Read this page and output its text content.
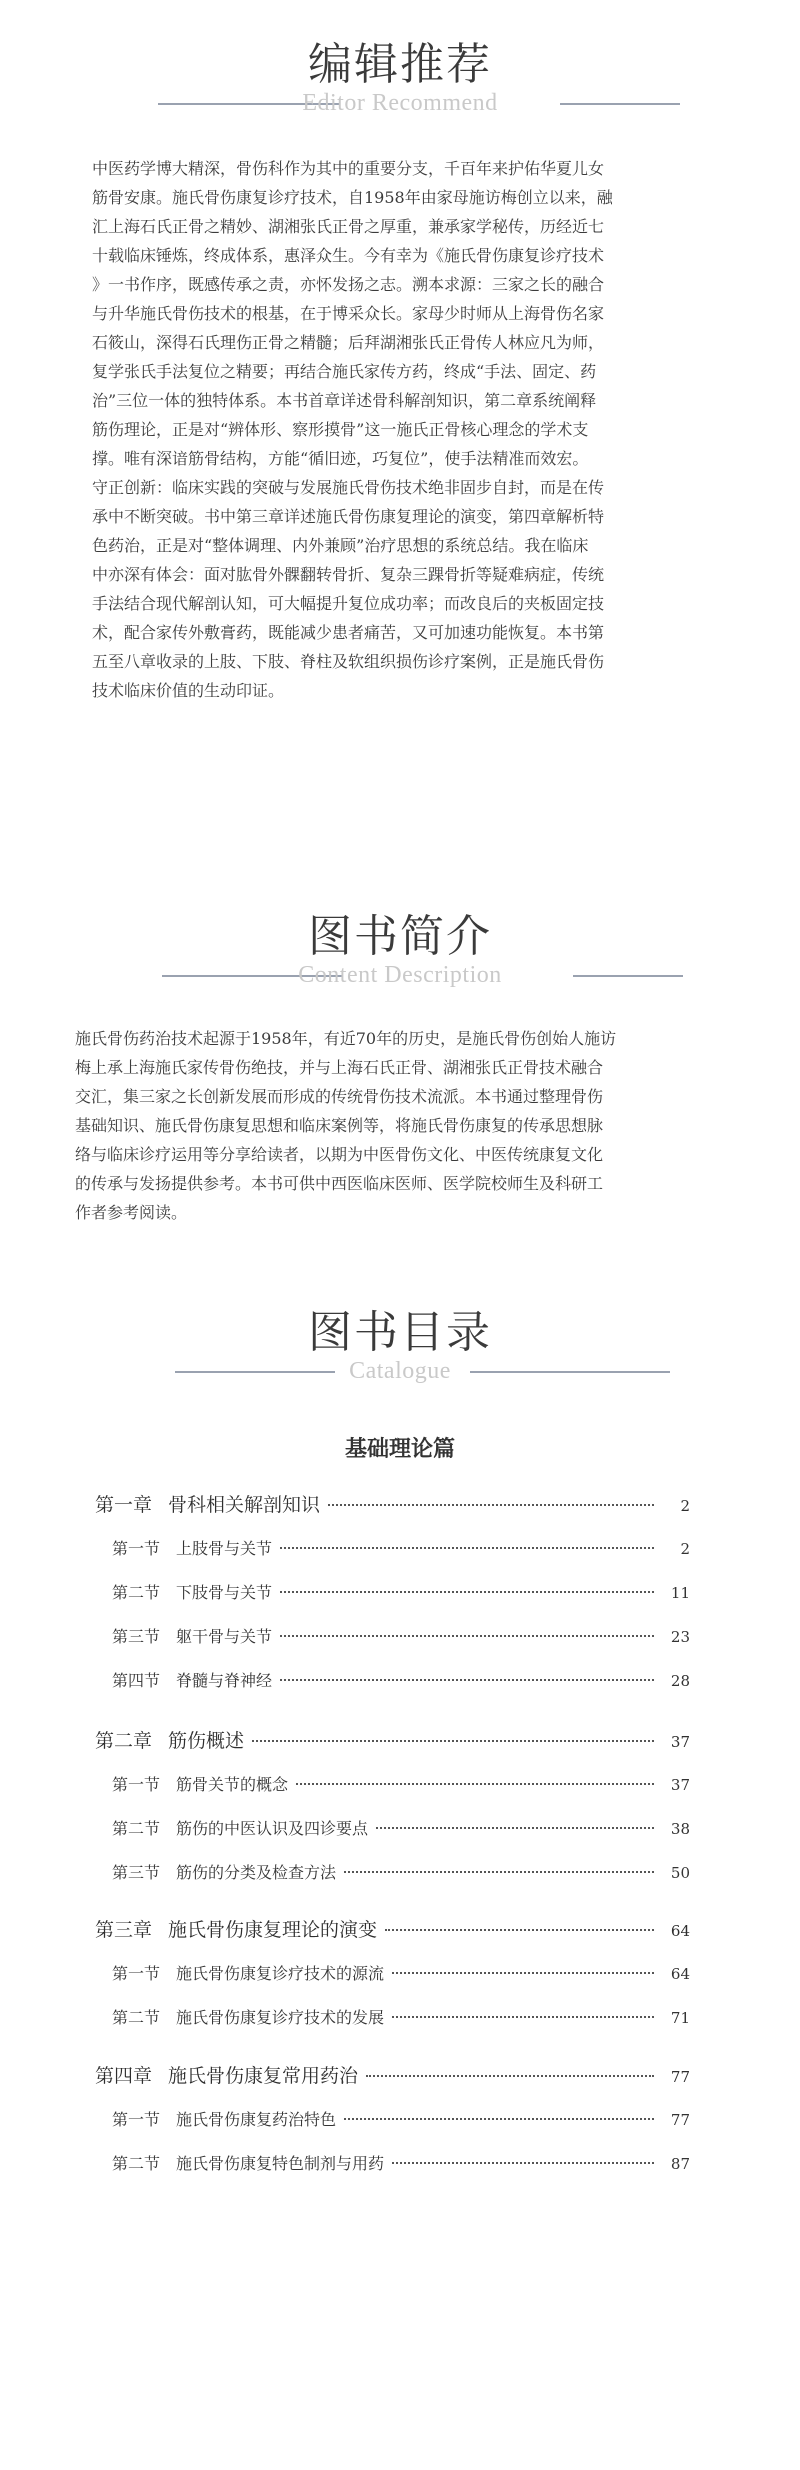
编辑推荐
Editor Recommend
中医药学博大精深，骨伤科作为其中的重要分支，千百年来护佑华夏儿女
筋骨安康。施氏骨伤康复诊疗技术，自1958年由家母施访梅创立以来，融
汇上海石氏正骨之精妙、湖湘张氏正骨之厚重，兼承家学秘传，历经近七
十载临床锤炼，终成体系，惠泽众生。今有幸为《施氏骨伤康复诊疗技术
》一书作序，既感传承之责，亦怀发扬之志。溯本求源：三家之长的融合
与升华施氏骨伤技术的根基，在于博采众长。家母少时师从上海骨伤名家
石筱山，深得石氏理伤正骨之精髓；后拜湖湘张氏正骨传人林应凡为师，
复学张氏手法复位之精要；再结合施氏家传方药，终成“手法、固定、药
治”三位一体的独特体系。本书首章详述骨科解剖知识，第二章系统阐释
筋伤理论，正是对“辨体形、察形摸骨”这一施氏正骨核心理念的学术支
撑。唯有深谙筋骨结构，方能“循旧迹，巧复位”，使手法精准而效宏。
守正创新：临床实践的突破与发展施氏骨伤技术绝非固步自封，而是在传
承中不断突破。书中第三章详述施氏骨伤康复理论的演变，第四章解析特
色药治，正是对“整体调理、内外兼顾”治疗思想的系统总结。我在临床
中亦深有体会：面对肱骨外髁翻转骨折、复杂三踝骨折等疑难病症，传统
手法结合现代解剖认知，可大幅提升复位成功率；而改良后的夹板固定技
术，配合家传外敷膏药，既能减少患者痛苦，又可加速功能恢复。本书第
五至八章收录的上肢、下肢、脊柱及软组织损伤诊疗案例，正是施氏骨伤
技术临床价值的生动印证。
图书简介
Content Description
施氏骨伤药治技术起源于1958年，有近70年的历史，是施氏骨伤创始人施访
梅上承上海施氏家传骨伤绝技，并与上海石氏正骨、湖湘张氏正骨技术融合
交汇，集三家之长创新发展而形成的传统骨伤技术流派。本书通过整理骨伤
基础知识、施氏骨伤康复思想和临床案例等，将施氏骨伤康复的传承思想脉
络与临床诊疗运用等分享给读者，以期为中医骨伤文化、中医传统康复文化
的传承与发扬提供参考。本书可供中西医临床医师、医学院校师生及科研工
作者参考阅读。
图书目录
Catalogue
基础理论篇
第一章 骨科相关解剖知识	2
第一节 上肢骨与关节	2
第二节 下肢骨与关节	11
第三节 躯干骨与关节	23
第四节 脊髓与脊神经	28
第二章 筋伤概述	37
第一节 筋骨关节的概念	37
第二节 筋伤的中医认识及四诊要点	38
第三节 筋伤的分类及检查方法	50
第三章 施氏骨伤康复理论的演变	64
第一节 施氏骨伤康复诊疗技术的源流	64
第二节 施氏骨伤康复诊疗技术的发展	71
第四章 施氏骨伤康复常用药治	77
第一节 施氏骨伤康复药治特色	77
第二节 施氏骨伤康复特色制剂与用药	87
